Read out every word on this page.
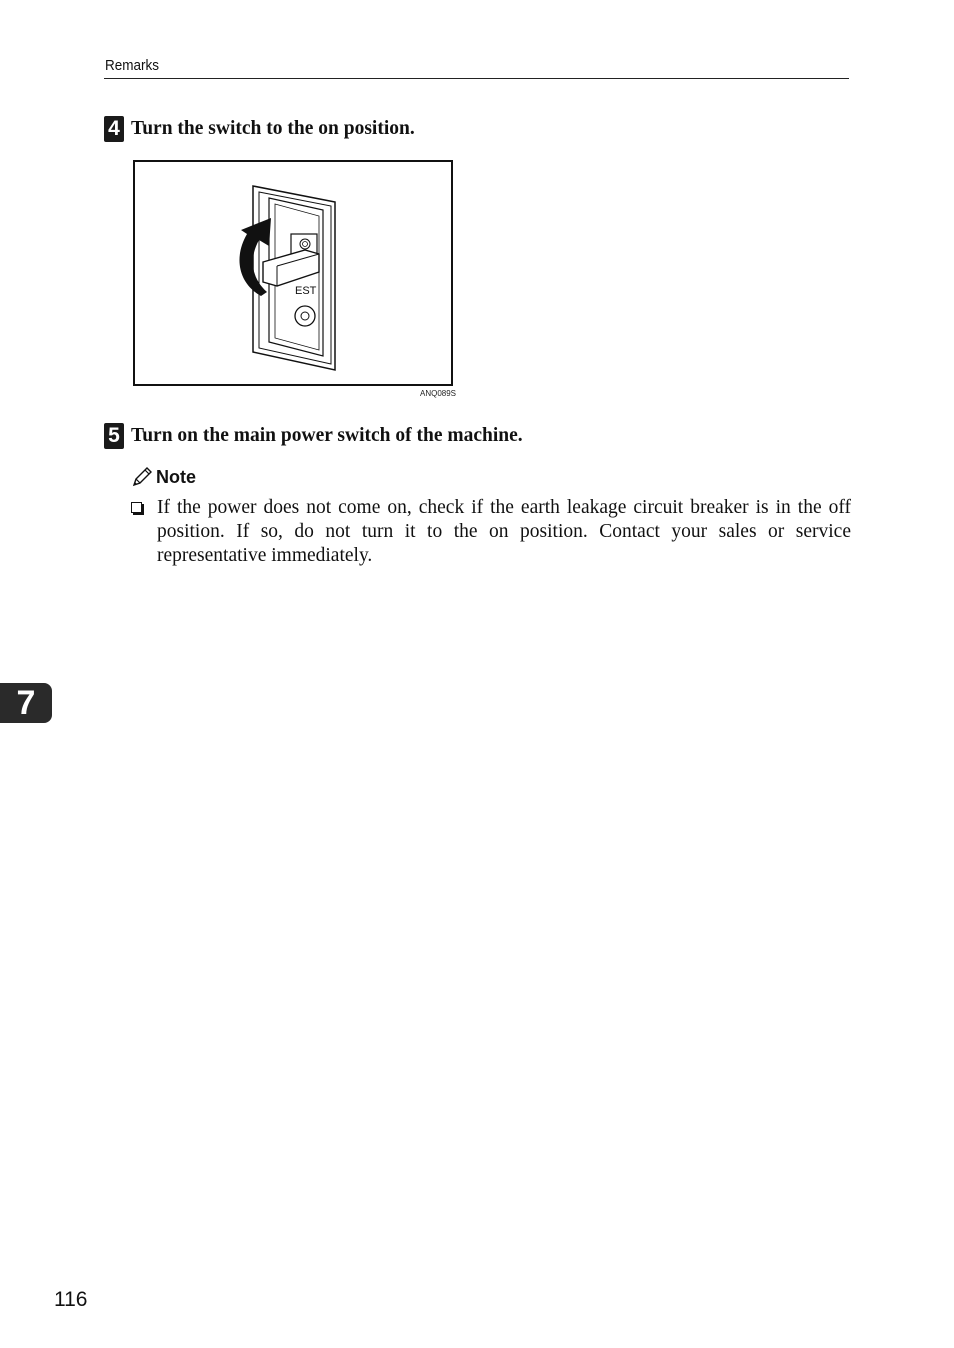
Remarks
4 Turn the switch to the on position.
EST
ANQ089S
5 Turn on the main power switch of the machine.
Note
If the power does not come on, check if the earth leakage circuit breaker is in the off position. If so, do not turn it to the on position. Contact your sales or service representative immediately.
7
116
